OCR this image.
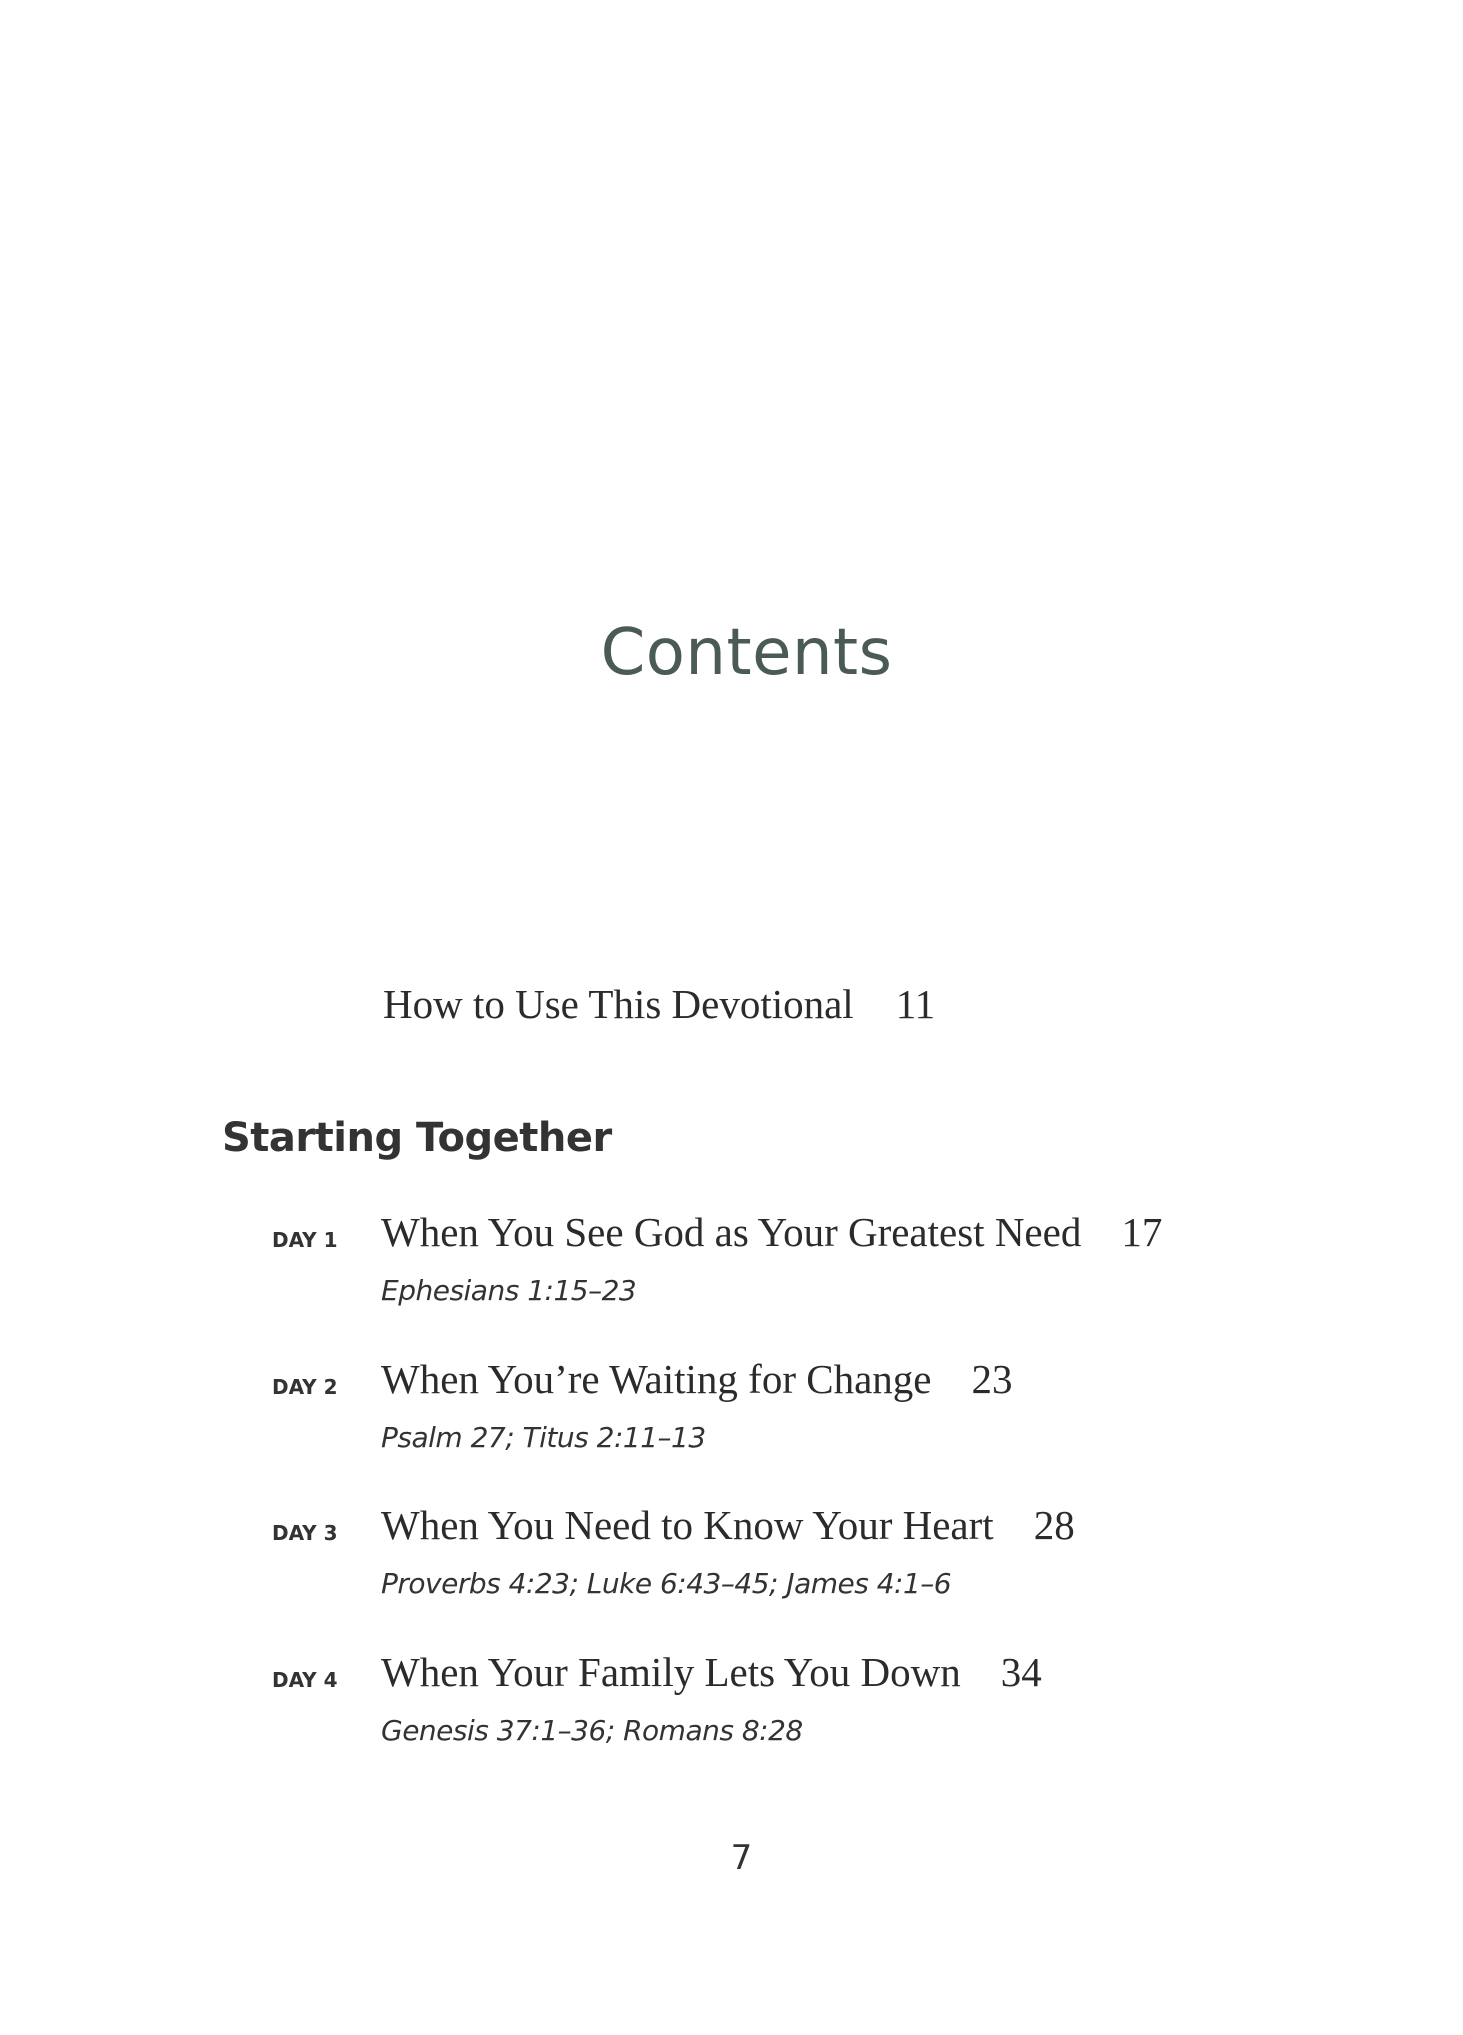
Contents
How to Use This Devotional 11
Starting Together
DAY 1 When You See God as Your Greatest Need 17
Ephesians 1:15–23
DAY 2 When You’re Waiting for Change 23
Psalm 27; Titus 2:11–13
DAY 3 When You Need to Know Your Heart 28
Proverbs 4:23; Luke 6:43–45; James 4:1–6
DAY 4 When Your Family Lets You Down 34
Genesis 37:1–36; Romans 8:28
7
